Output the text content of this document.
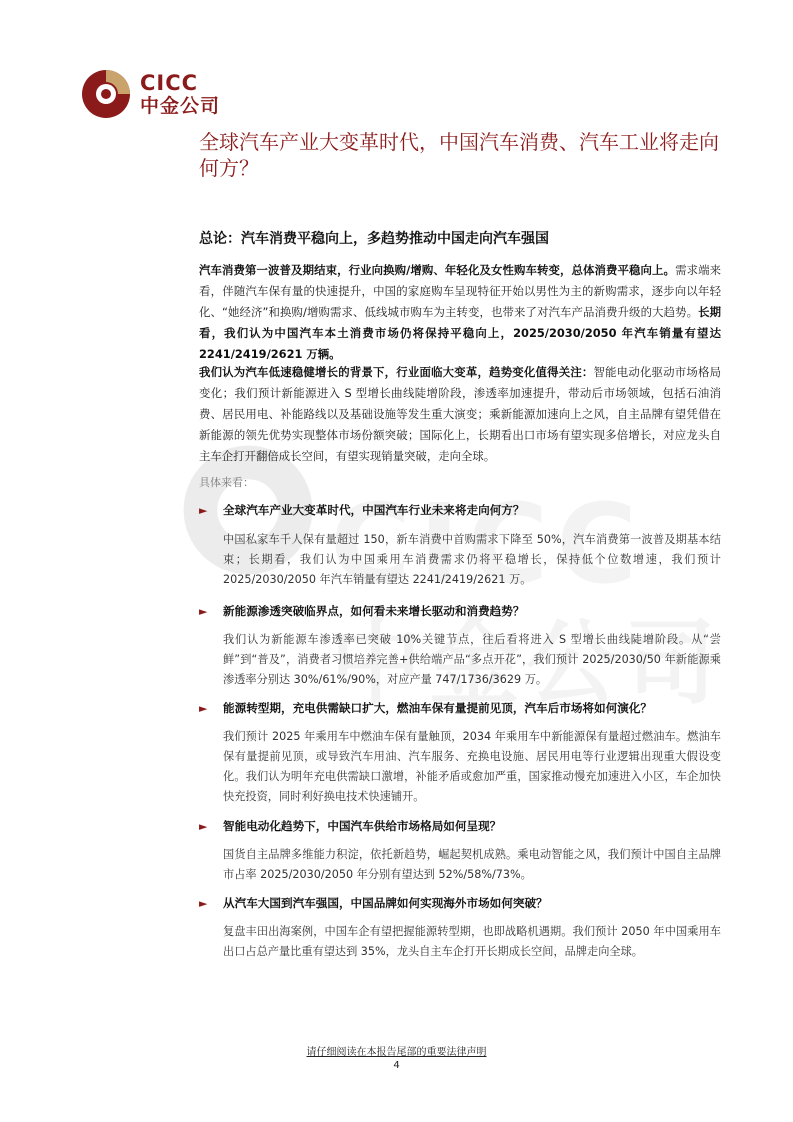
CICC
中金公司
全球汽车产业大变革时代，中国汽车消费、汽车工业将走向何方？
总论：汽车消费平稳向上，多趋势推动中国走向汽车强国
汽车消费第一波普及期结束，行业向换购/增购、年轻化及女性购车转变，总体消费平稳向上。需求端来看，伴随汽车保有量的快速提升，中国的家庭购车呈现特征开始以男性为主的新购需求，逐步向以年轻化、“她经济”和换购/增购需求、低线城市购车为主转变，也带来了对汽车产品消费升级的大趋势。长期看，我们认为中国汽车本土消费市场仍将保持平稳向上，2025/2030/2050 年汽车销量有望达 2241/2419/2621 万辆。
我们认为汽车低速稳健增长的背景下，行业面临大变革，趋势变化值得关注：智能电动化驱动市场格局变化；我们预计新能源进入 S 型增长曲线陡增阶段，渗透率加速提升，带动后市场领域，包括石油消费、居民用电、补能路线以及基础设施等发生重大演变；乘新能源加速向上之风，自主品牌有望凭借在新能源的领先优势实现整体市场份额突破；国际化上，长期看出口市场有望实现多倍增长，对应龙头自主车企打开翻倍成长空间，有望实现销量突破，走向全球。
具体来看：
► 全球汽车产业大变革时代，中国汽车行业未来将走向何方？
中国私家车千人保有量超过 150，新车消费中首购需求下降至 50%，汽车消费第一波普及期基本结束；长期看，我们认为中国乘用车消费需求仍将平稳增长，保持低个位数增速，我们预计 2025/2030/2050 年汽车销量有望达 2241/2419/2621 万。
► 新能源渗透突破临界点，如何看未来增长驱动和消费趋势？
我们认为新能源车渗透率已突破 10%关键节点，往后看将进入 S 型增长曲线陡增阶段。从“尝鲜”到“普及”，消费者习惯培养完善+供给端产品“多点开花”，我们预计 2025/2030/50 年新能源乘渗透率分别达 30%/61%/90%，对应产量 747/1736/3629 万。
► 能源转型期，充电供需缺口扩大，燃油车保有量提前见顶，汽车后市场将如何演化？
我们预计 2025 年乘用车中燃油车保有量触顶，2034 年乘用车中新能源保有量超过燃油车。燃油车保有量提前见顶，或导致汽车用油、汽车服务、充换电设施、居民用电等行业逻辑出现重大假设变化。我们认为明年充电供需缺口激增，补能矛盾或愈加严重，国家推动慢充加速进入小区，车企加快快充投资，同时利好换电技术快速铺开。
► 智能电动化趋势下，中国汽车供给市场格局如何呈现？
国货自主品牌多维能力积淀，依托新趋势，崛起契机成熟。乘电动智能之风，我们预计中国自主品牌市占率 2025/2030/2050 年分别有望达到 52%/58%/73%。
► 从汽车大国到汽车强国，中国品牌如何实现海外市场如何突破？
复盘丰田出海案例，中国车企有望把握能源转型期，也即战略机遇期。我们预计 2050 年中国乘用车出口占总产量比重有望达到 35%，龙头自主车企打开长期成长空间，品牌走向全球。
请仔细阅读在本报告尾部的重要法律声明
4
